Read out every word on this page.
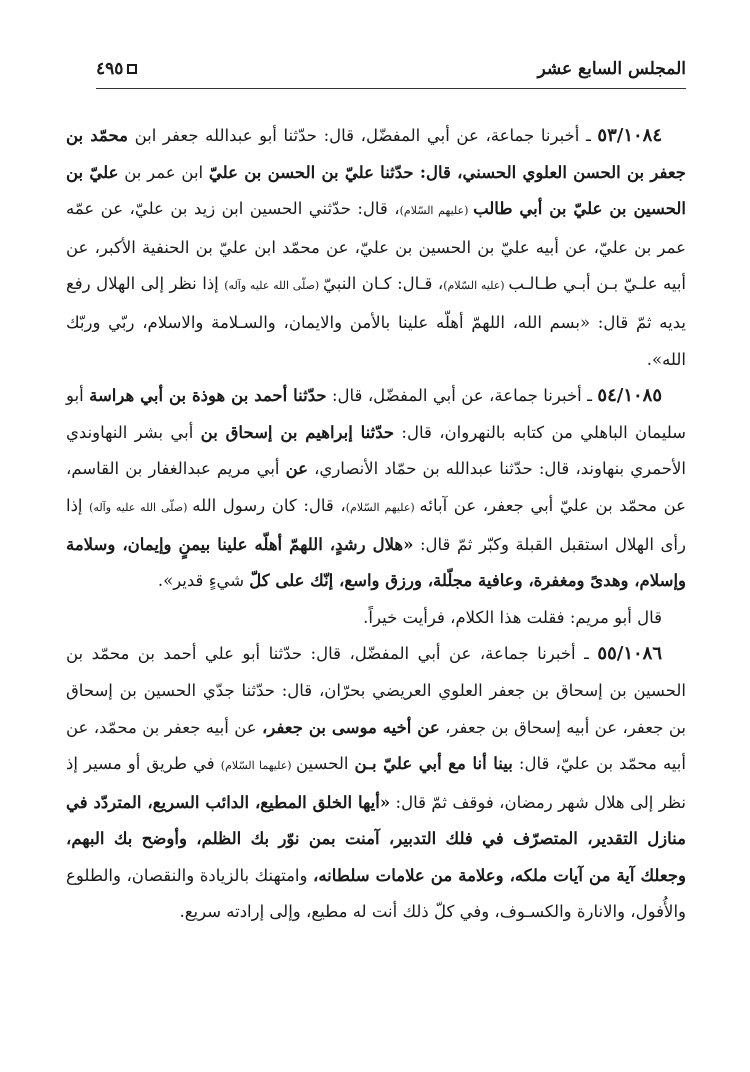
المجلس السابع عشر
٤٩٥

٥٣/١٠٨٤ ـ أخبرنا جماعة، عن أبي المفضّل، قال: حدّثنا أبو عبدالله جعفر ابن محمّد بن جعفر بن الحسن العلوي الحسني، قال: حدّثنا عليّ بن الحسن بن عليّ ابن عمر بن عليّ بن الحسين بن عليّ بن أبي طالب (عليهم السّلام)، قال: حدّثني الحسين ابن زيد بن عليّ، عن عمّه عمر بن عليّ، عن أبيه عليّ بن الحسين بن عليّ، عن محمّد ابن عليّ بن الحنفية الأكبر، عن أبيه علـيّ بـن أبـي طـالـب (عليه السّلام)، قـال: كـان النبيّ (صلّى الله عليه وآله) إذا نظر إلى الهلال رفع يديه ثمّ قال: «بسم الله، اللهمّ أهلّه علينا بالأمن والايمان، والسـلامة والاسلام، ربّي وربّك الله».

٥٤/١٠٨٥ ـ أخبرنا جماعة، عن أبي المفضّل، قال: حدّثنا أحمد بن هوذة بن أبي هراسة أبو سليمان الباهلي من كتابه بالنهروان، قال: حدّثنا إبراهيم بن إسحاق بن أبي بشر النهاوندي الأحمري بنهاوند، قال: حدّثنا عبدالله بن حمّاد الأنصاري، عن أبي مريم عبدالغفار بن القاسم، عن محمّد بن عليّ أبي جعفر، عن آبائه (عليهم السّلام)، قال: كان رسول الله (صلّى الله عليه وآله) إذا رأى الهلال استقبل القبلة وكبّر ثمّ قال: «هلال رشدٍ، اللهمّ أهلّه علينا بيمنٍ وإيمان، وسلامة وإسلام، وهدىً ومغفرة، وعافية مجلّلة، ورزق واسع، إنّك على كلّ شيءٍ قدير».

قال أبو مريم: فقلت هذا الكلام، فرأيت خيراً.

٥٥/١٠٨٦ ـ أخبرنا جماعة، عن أبي المفضّل، قال: حدّثنا أبو علي أحمد بن محمّد بن الحسين بن إسحاق بن جعفر العلوي العريضي بحرّان، قال: حدّثنا جدّي الحسين بن إسحاق بن جعفر، عن أبيه إسحاق بن جعفر، عن أخيه موسى بن جعفر، عن أبيه جعفر بن محمّد، عن أبيه محمّد بن عليّ، قال: بينا أنا مع أبي عليّ بـن الحسين (عليهما السّلام) في طريق أو مسير إذ نظر إلى هلال شهر رمضان، فوقف ثمّ قال: «أيها الخلق المطيع، الدائب السريع، المتردّد في منازل التقدير، المتصرّف في فلك التدبير، آمنت بمن نوّر بك الظلم، وأوضح بك البهم، وجعلك آية من آيات ملكه، وعلامة من علامات سلطانه، وامتهنك بالزيادة والنقصان، والطلوع والأُفول، والانارة والكسـوف، وفي كلّ ذلك أنت له مطيع، وإلى إرادته سريع.
